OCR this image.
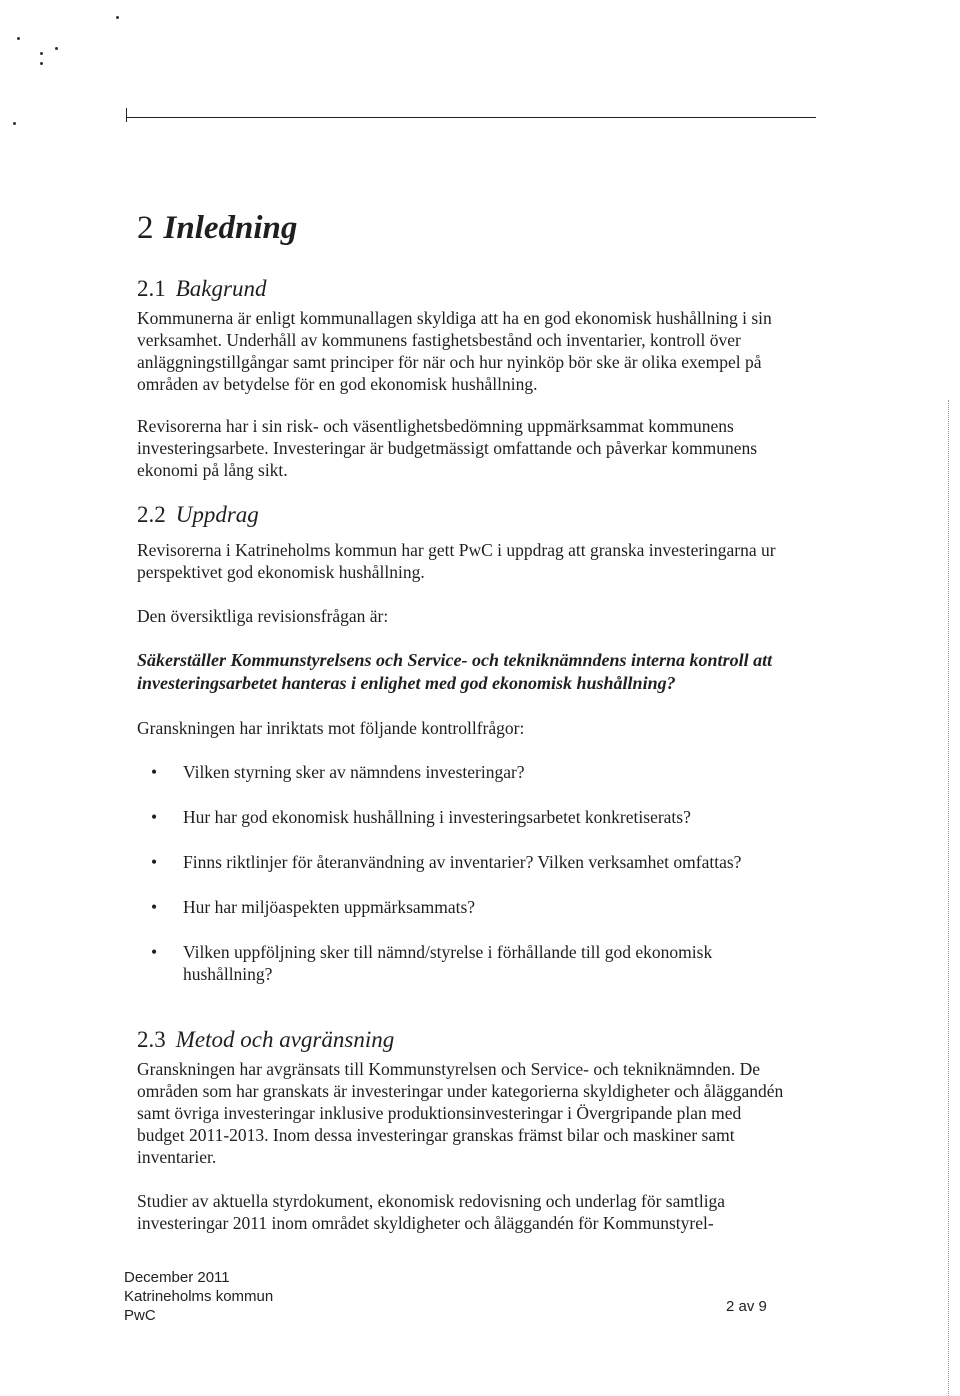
2 Inledning
2.1 Bakgrund

Kommunerna är enligt kommunallagen skyldiga att ha en god ekonomisk hushållning i sin verksamhet. Underhåll av kommunens fastighetsbestånd och inventarier, kontroll över anläggningstillgångar samt principer för när och hur nyinköp bör ske är olika exempel på områden av betydelse för en god ekonomisk hushållning.

Revisorerna har i sin risk- och väsentlighetsbedömning uppmärksammat kommunens investeringsarbete. Investeringar är budgetmässigt omfattande och påverkar kommunens ekonomi på lång sikt.

2.2 Uppdrag

Revisorerna i Katrineholms kommun har gett PwC i uppdrag att granska investeringarna ur perspektivet god ekonomisk hushållning.

Den översiktliga revisionsfrågan är:

Säkerställer Kommunstyrelsens och Service- och tekniknämndens interna kontroll att investeringsarbetet hanteras i enlighet med god ekonomisk hushållning?

Granskningen har inriktats mot följande kontrollfrågor:

• Vilken styrning sker av nämndens investeringar?
• Hur har god ekonomisk hushållning i investeringsarbetet konkretiserats?
• Finns riktlinjer för återanvändning av inventarier? Vilken verksamhet omfattas?
• Hur har miljöaspekten uppmärksammats?
• Vilken uppföljning sker till nämnd/styrelse i förhållande till god ekonomisk hushållning?
2.3 Metod och avgränsning

Granskningen har avgränsats till Kommunstyrelsen och Service- och tekniknämnden. De områden som har granskats är investeringar under kategorierna skyldigheter och åläggandén samt övriga investeringar inklusive produktionsinvesteringar i Övergripande plan med budget 2011-2013. Inom dessa investeringar granskas främst bilar och maskiner samt inventarier.

Studier av aktuella styrdokument, ekonomisk redovisning och underlag för samtliga investeringar 2011 inom området skyldigheter och åläggandén för Kommunstyrel-

December 2011
Katrineholms kommun
PwC
2 av 9
